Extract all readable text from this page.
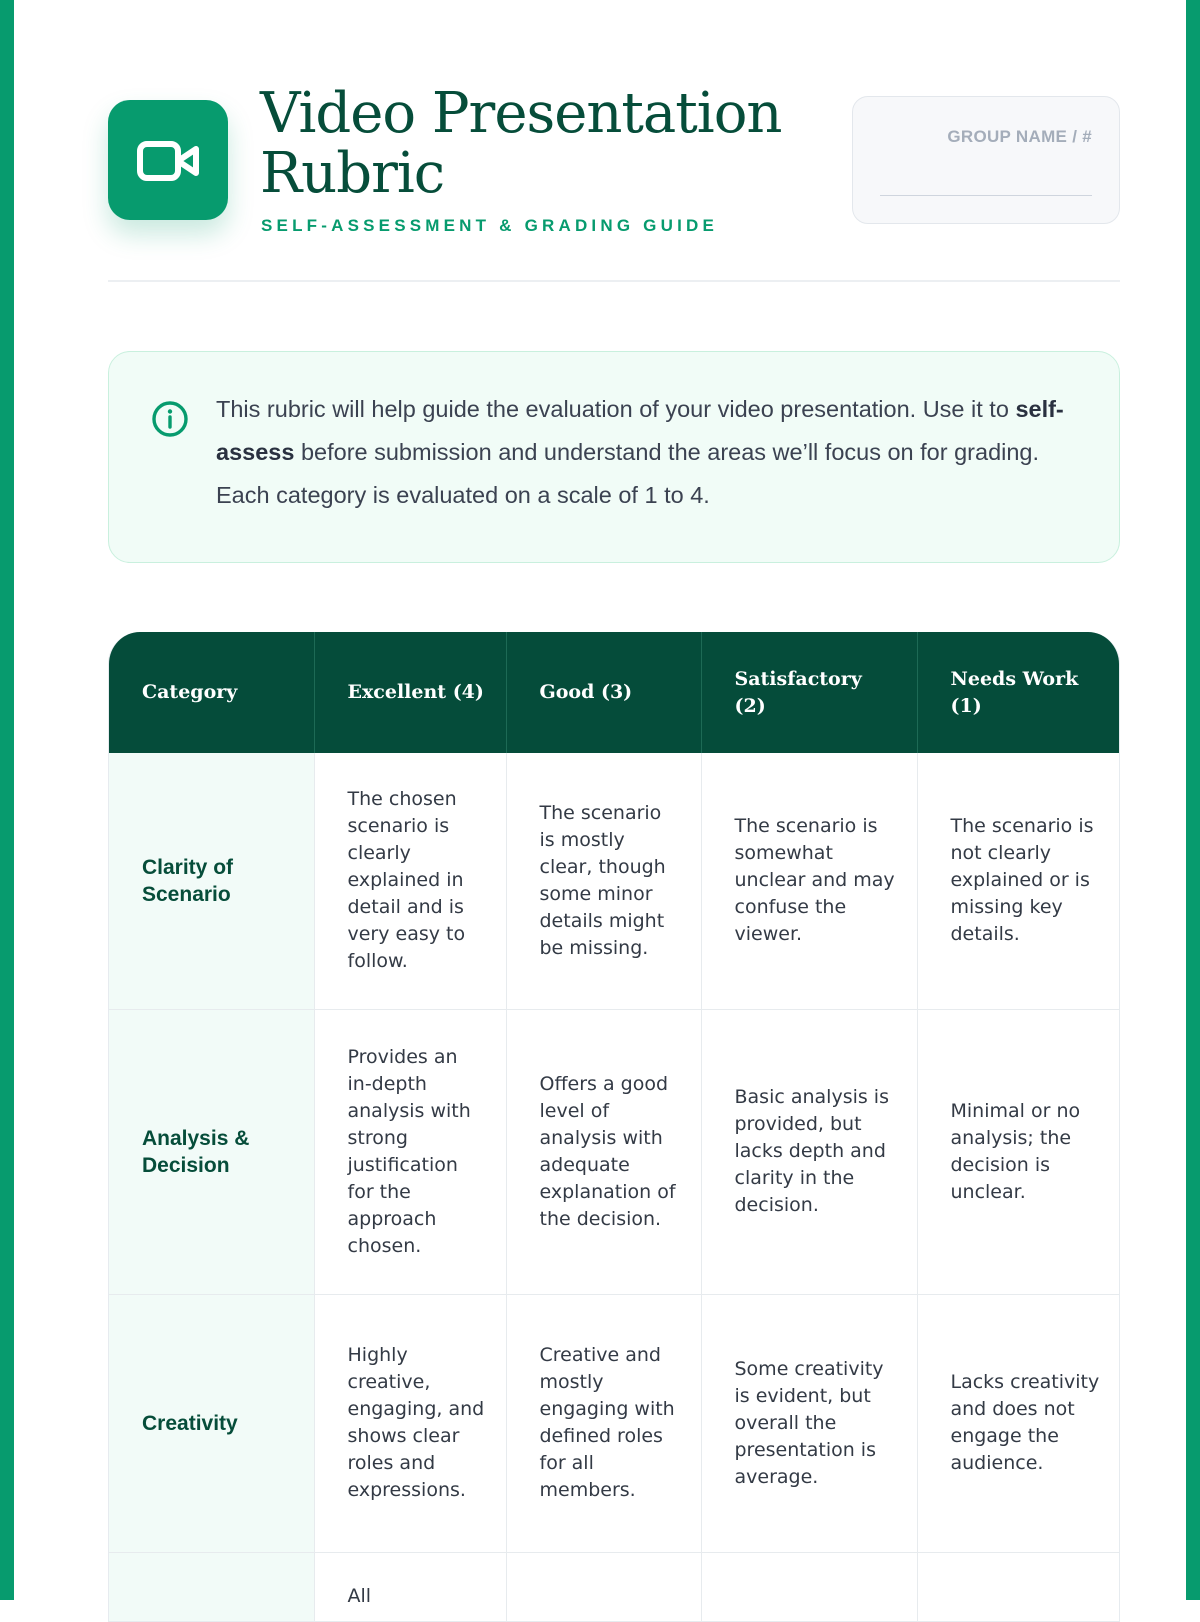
Video Presentation Rubric
SELF-ASSESSMENT & GRADING GUIDE
GROUP NAME / #

This rubric will help guide the evaluation of your video presentation. Use it to self-assess before submission and understand the areas we’ll focus on for grading. Each category is evaluated on a scale of 1 to 4.

Category	Excellent (4)	Good (3)	Satisfactory (2)	Needs Work (1)
Clarity of Scenario	The chosen scenario is clearly explained in detail and is very easy to follow.	The scenario is mostly clear, though some minor details might be missing.	The scenario is somewhat unclear and may confuse the viewer.	The scenario is not clearly explained or is missing key details.
Analysis & Decision	Provides an in-depth analysis with strong justification for the approach chosen.	Offers a good level of analysis with adequate explanation of the decision.	Basic analysis is provided, but lacks depth and clarity in the decision.	Minimal or no analysis; the decision is unclear.
Creativity	Highly creative, engaging, and shows clear roles and expressions.	Creative and mostly engaging with defined roles for all members.	Some creativity is evident, but overall the presentation is average.	Lacks creativity and does not engage the audience.
	All			
